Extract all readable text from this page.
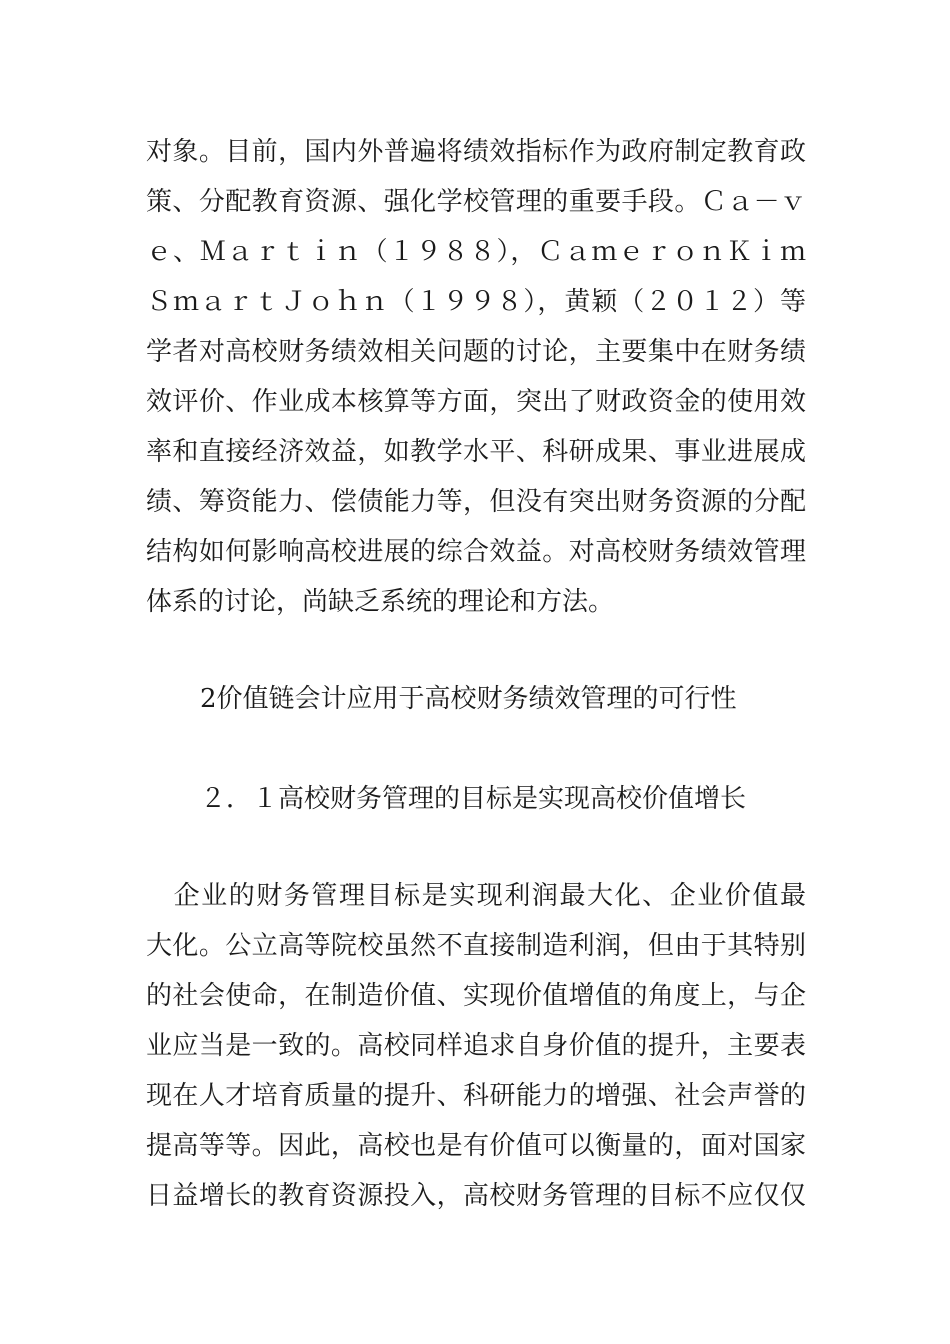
对象。目前，国内外普遍将绩效指标作为政府制定教育政
策、分配教育资源、强化学校管理的重要手段。Ｃａ－ｖ
ｅ、Ｍａｒｔｉｎ（１９８８），ＣａｍｅｒｏｎＫｉｍ
ＳｍａｒｔＪｏｈｎ（１９９８），黄颖（２０１２）等
学者对高校财务绩效相关问题的讨论，主要集中在财务绩
效评价、作业成本核算等方面，突出了财政资金的使用效
率和直接经济效益，如教学水平、科研成果、事业进展成
绩、筹资能力、偿债能力等，但没有突出财务资源的分配
结构如何影响高校进展的综合效益。对高校财务绩效管理
体系的讨论，尚缺乏系统的理论和方法。
2价值链会计应用于高校财务绩效管理的可行性
２．１高校财务管理的目标是实现高校价值增长
　企业的财务管理目标是实现利润最大化、企业价值最
大化。公立高等院校虽然不直接制造利润，但由于其特别
的社会使命，在制造价值、实现价值增值的角度上，与企
业应当是一致的。高校同样追求自身价值的提升，主要表
现在人才培育质量的提升、科研能力的增强、社会声誉的
提高等等。因此，高校也是有价值可以衡量的，面对国家
日益增长的教育资源投入，高校财务管理的目标不应仅仅
